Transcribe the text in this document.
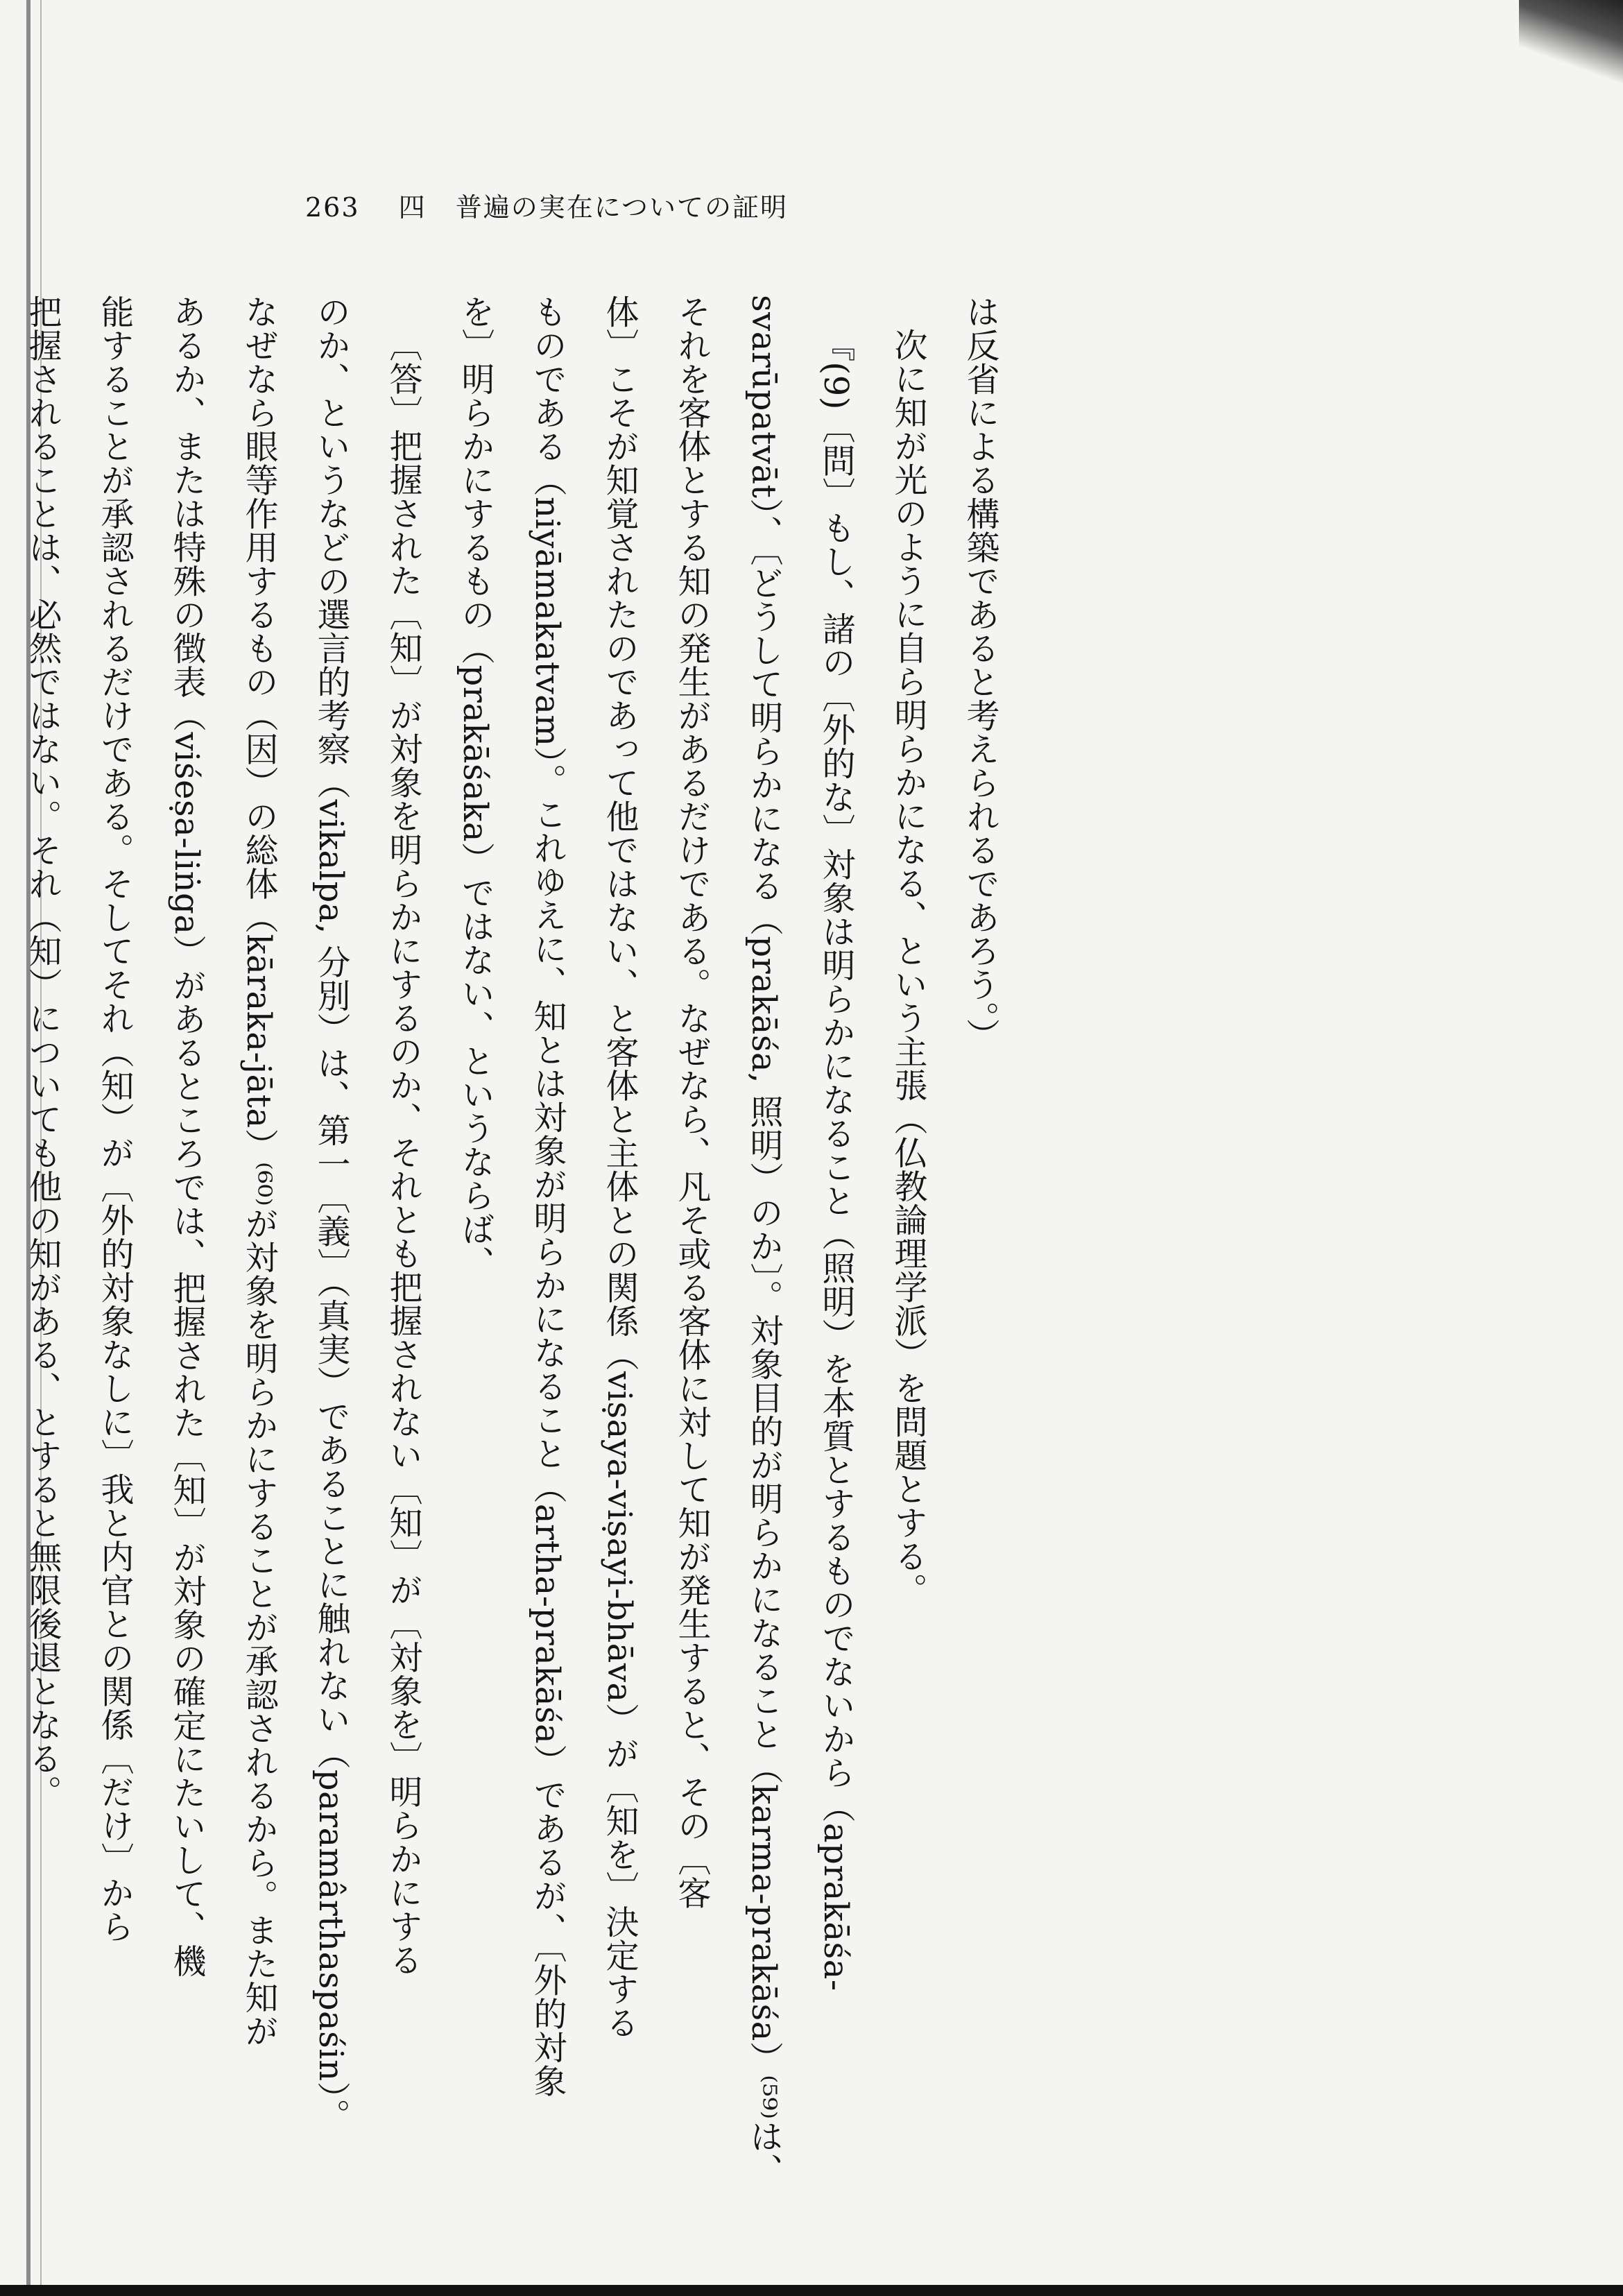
263 四 普遍の実在についての証明

は反省による構築であると考えられるであろう。）

次に知が光のように自ら明らかになる、という主張（仏教論理学派）を問題とする。

『(9)〔問〕もし、諸の〔外的な〕対象は明らかになること（照明）を本質とするものでないから（aprakāśa-

svarūpatvāt）、〔どうして明らかになる（prakāśa, 照明）のか〕。対象目的が明らかになること（karma-prakāśa）⁽⁵⁹⁾は、

それを客体とする知の発生があるだけである。なぜなら、凡そ或る客体に対して知が発生すると、その〔客

体〕こそが知覚されたのであって他ではない、と客体と主体との関係（viṣaya-viṣayi-bhāva）が〔知を〕決定する

ものである（niyāmakatvam）。これゆえに、知とは対象が明らかになること（artha-prakāśa）であるが、〔外的対象

を〕明らかにするもの（prakāśaka）ではない、というならば、

〔答〕把握された〔知〕が対象を明らかにするのか、それとも把握されない〔知〕が〔対象を〕明らかにする

のか、というなどの選言的考察（vikalpa, 分別）は、第一〔義〕（真実）であることに触れない（paramârthaspaśin）。

なぜなら眼等作用するもの（因）の総体（kāraka-jāta）⁽⁶⁰⁾が対象を明らかにすることが承認されるから。また知が

あるか、または特殊の徴表（viśeṣa-liṅga）があるところでは、把握された〔知〕が対象の確定にたいして、機

能することが承認されるだけである。そしてそれ（知）が〔外的対象なしに〕我と内官との関係〔だけ〕から

把握されることは、必然ではない。それ（知）についても他の知がある、とすると無限後退となる。
